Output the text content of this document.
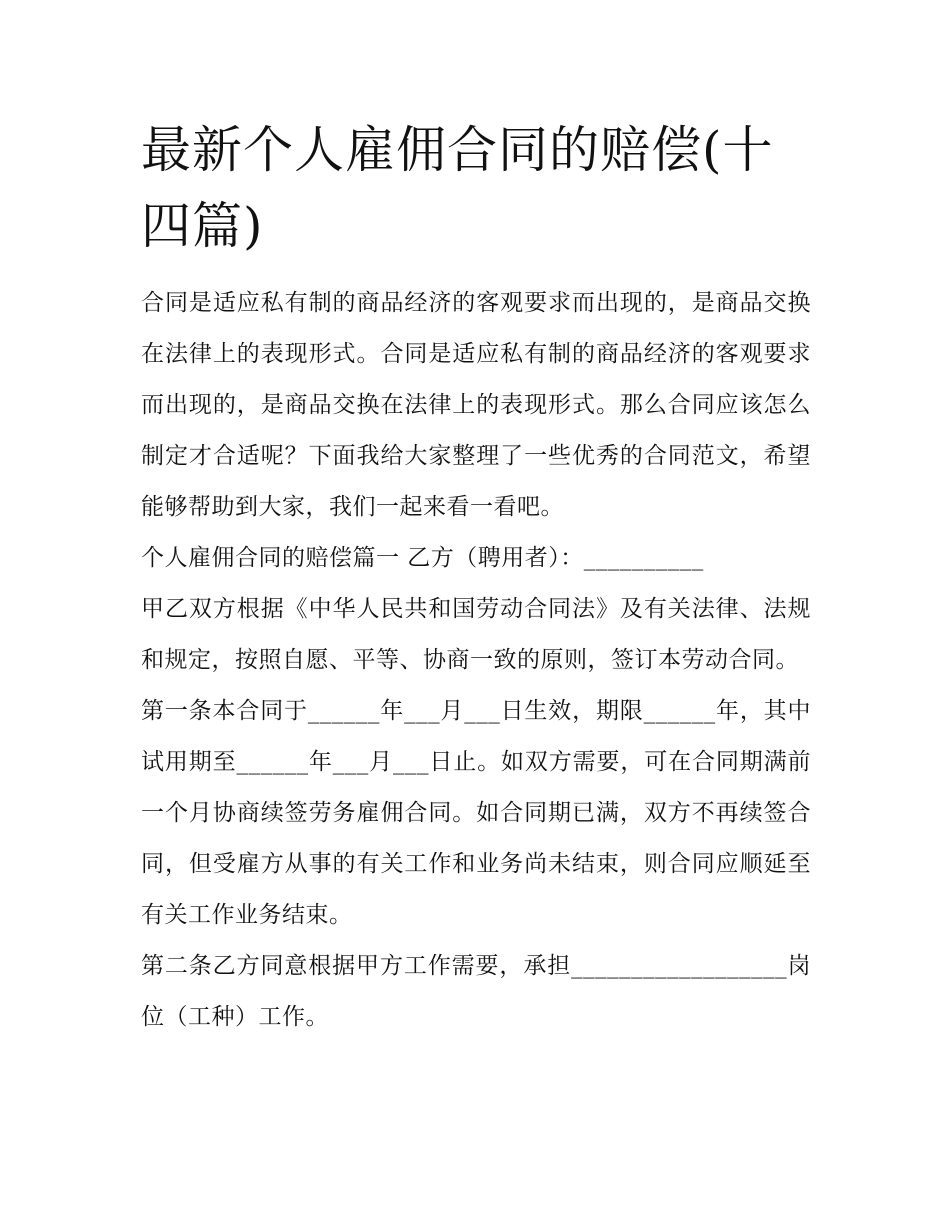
最新个人雇佣合同的赔偿(十四篇)

合同是适应私有制的商品经济的客观要求而出现的，是商品交换在法律上的表现形式。合同是适应私有制的商品经济的客观要求而出现的，是商品交换在法律上的表现形式。那么合同应该怎么制定才合适呢？下面我给大家整理了一些优秀的合同范文，希望能够帮助到大家，我们一起来看一看吧。

个人雇佣合同的赔偿篇一 乙方（聘用者）：__________

甲乙双方根据《中华人民共和国劳动合同法》及有关法律、法规和规定，按照自愿、平等、协商一致的原则，签订本劳动合同。

第一条本合同于______年___月___日生效，期限______年，其中试用期至______年___月___日止。如双方需要，可在合同期满前一个月协商续签劳务雇佣合同。如合同期已满，双方不再续签合同，但受雇方从事的有关工作和业务尚未结束，则合同应顺延至有关工作业务结束。

第二条乙方同意根据甲方工作需要，承担__________________岗位（工种）工作。
